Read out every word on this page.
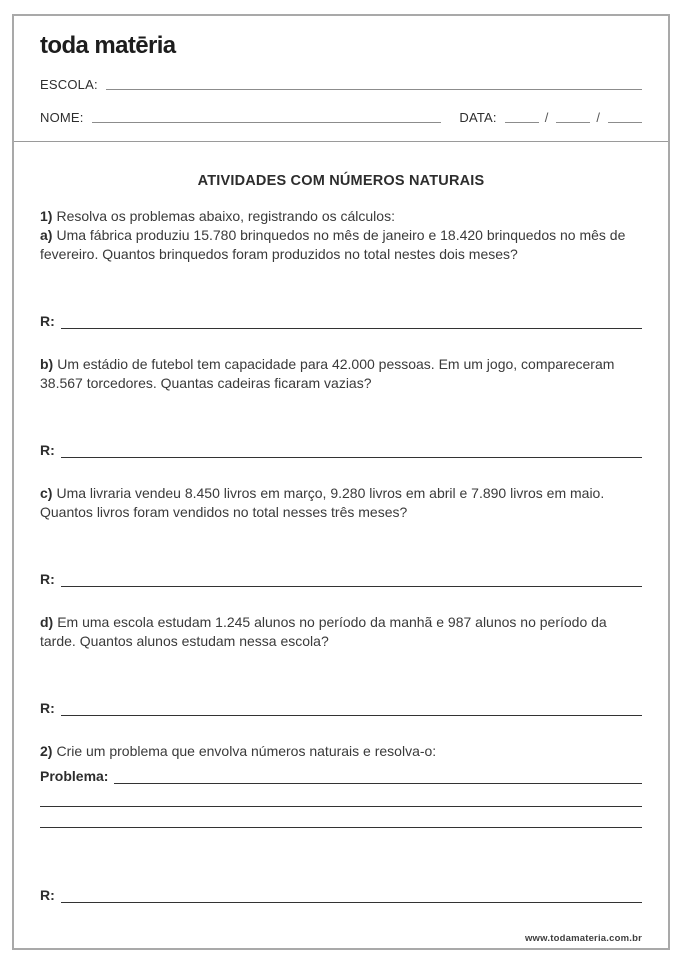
toda matēria
ESCOLA:
NOME:	DATA:	/	/
ATIVIDADES COM NÚMEROS NATURAIS

1) Resolva os problemas abaixo, registrando os cálculos:

a) Uma fábrica produziu 15.780 brinquedos no mês de janeiro e 18.420 brinquedos no mês de fevereiro. Quantos brinquedos foram produzidos no total nestes dois meses?

R:

b) Um estádio de futebol tem capacidade para 42.000 pessoas. Em um jogo, compareceram 38.567 torcedores. Quantas cadeiras ficaram vazias?

R:

c) Uma livraria vendeu 8.450 livros em março, 9.280 livros em abril e 7.890 livros em maio. Quantos livros foram vendidos no total nesses três meses?

R:

d) Em uma escola estudam 1.245 alunos no período da manhã e 987 alunos no período da tarde. Quantos alunos estudam nessa escola?

R:

2) Crie um problema que envolva números naturais e resolva-o:

Problema:
R:
www.todamateria.com.br
